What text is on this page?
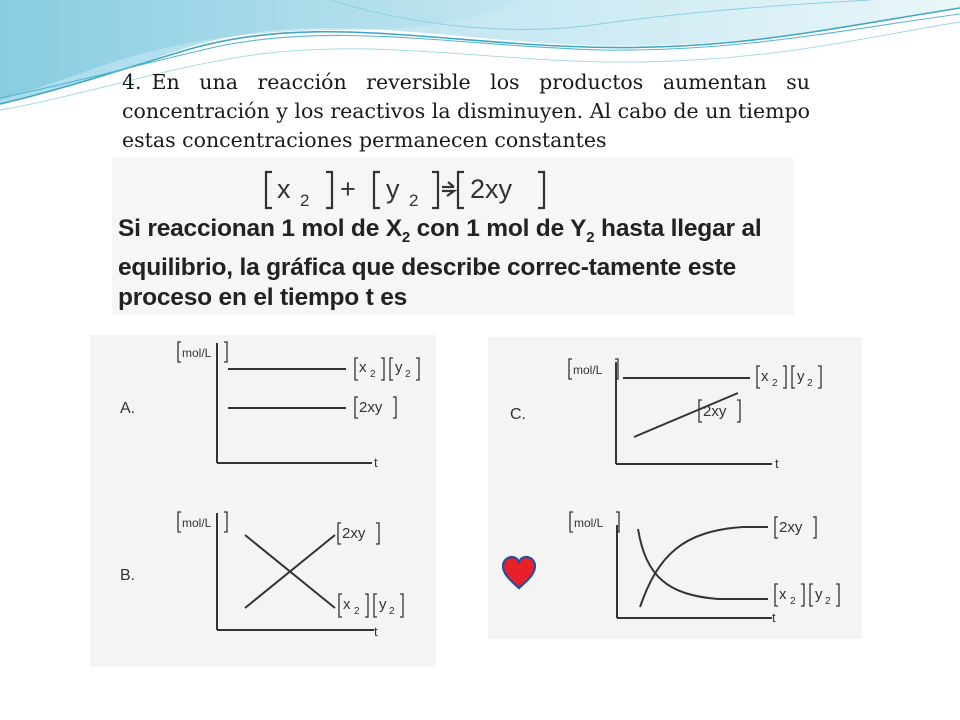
4. En una reacción reversible los productos aumentan su concentración y los reactivos la disminuyen. Al cabo de un tiempo estas concentraciones permanecen constantes

x 2 + y 2 2xy

Si reaccionan 1 mol de $X_2$ con 1 mol de $Y_2$ hasta llegar al equilibrio, la gráfica que describe correc-tamente este proceso en el tiempo t es

A.
mol/L
t
x 2 y 2
2xy
B.
mol/L
t
2xy
x 2 y 2
C.
mol/L
t
x 2 y 2
2xy
mol/L
t
2xy
x 2 y 2
